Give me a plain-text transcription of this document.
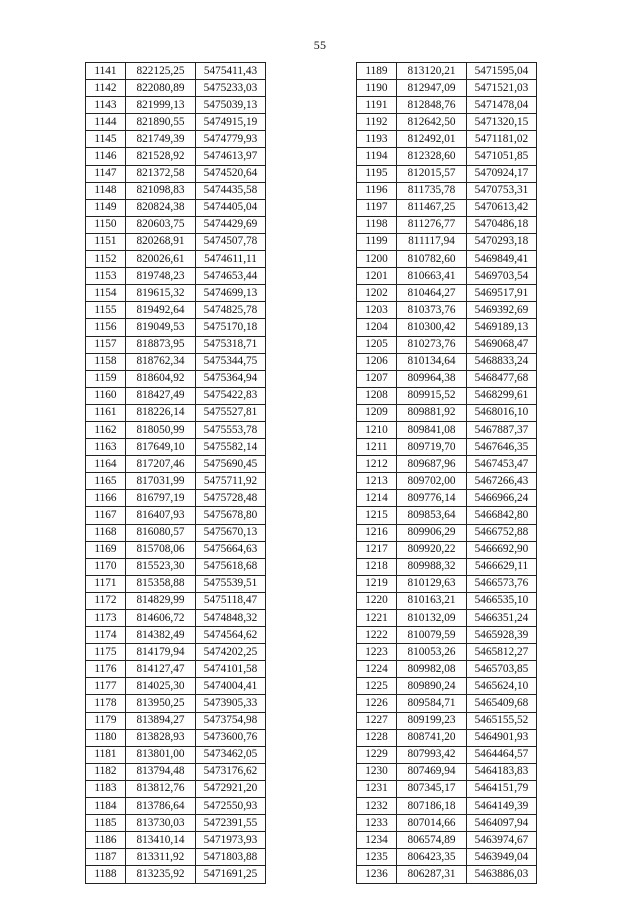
55
1141	822125,25	5475411,43
1142	822080,89	5475233,03
1143	821999,13	5475039,13
1144	821890,55	5474915,19
1145	821749,39	5474779,93
1146	821528,92	5474613,97
1147	821372,58	5474520,64
1148	821098,83	5474435,58
1149	820824,38	5474405,04
1150	820603,75	5474429,69
1151	820268,91	5474507,78
1152	820026,61	5474611,11
1153	819748,23	5474653,44
1154	819615,32	5474699,13
1155	819492,64	5474825,78
1156	819049,53	5475170,18
1157	818873,95	5475318,71
1158	818762,34	5475344,75
1159	818604,92	5475364,94
1160	818427,49	5475422,83
1161	818226,14	5475527,81
1162	818050,99	5475553,78
1163	817649,10	5475582,14
1164	817207,46	5475690,45
1165	817031,99	5475711,92
1166	816797,19	5475728,48
1167	816407,93	5475678,80
1168	816080,57	5475670,13
1169	815708,06	5475664,63
1170	815523,30	5475618,68
1171	815358,88	5475539,51
1172	814829,99	5475118,47
1173	814606,72	5474848,32
1174	814382,49	5474564,62
1175	814179,94	5474202,25
1176	814127,47	5474101,58
1177	814025,30	5474004,41
1178	813950,25	5473905,33
1179	813894,27	5473754,98
1180	813828,93	5473600,76
1181	813801,00	5473462,05
1182	813794,48	5473176,62
1183	813812,76	5472921,20
1184	813786,64	5472550,93
1185	813730,03	5472391,55
1186	813410,14	5471973,93
1187	813311,92	5471803,88
1188	813235,92	5471691,25
1189	813120,21	5471595,04
1190	812947,09	5471521,03
1191	812848,76	5471478,04
1192	812642,50	5471320,15
1193	812492,01	5471181,02
1194	812328,60	5471051,85
1195	812015,57	5470924,17
1196	811735,78	5470753,31
1197	811467,25	5470613,42
1198	811276,77	5470486,18
1199	811117,94	5470293,18
1200	810782,60	5469849,41
1201	810663,41	5469703,54
1202	810464,27	5469517,91
1203	810373,76	5469392,69
1204	810300,42	5469189,13
1205	810273,76	5469068,47
1206	810134,64	5468833,24
1207	809964,38	5468477,68
1208	809915,52	5468299,61
1209	809881,92	5468016,10
1210	809841,08	5467887,37
1211	809719,70	5467646,35
1212	809687,96	5467453,47
1213	809702,00	5467266,43
1214	809776,14	5466966,24
1215	809853,64	5466842,80
1216	809906,29	5466752,88
1217	809920,22	5466692,90
1218	809988,32	5466629,11
1219	810129,63	5466573,76
1220	810163,21	5466535,10
1221	810132,09	5466351,24
1222	810079,59	5465928,39
1223	810053,26	5465812,27
1224	809982,08	5465703,85
1225	809890,24	5465624,10
1226	809584,71	5465409,68
1227	809199,23	5465155,52
1228	808741,20	5464901,93
1229	807993,42	5464464,57
1230	807469,94	5464183,83
1231	807345,17	5464151,79
1232	807186,18	5464149,39
1233	807014,66	5464097,94
1234	806574,89	5463974,67
1235	806423,35	5463949,04
1236	806287,31	5463886,03
